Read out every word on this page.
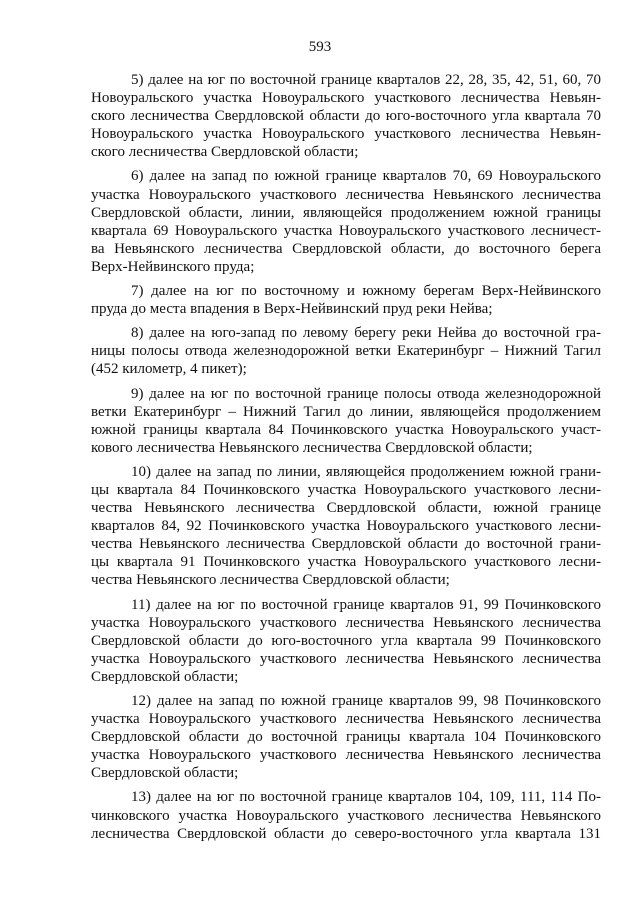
593
5) далее на юг по восточной границе кварталов 22, 28, 35, 42, 51, 60, 70
Новоуральского участка Новоуральского участкового лесничества Невьян-
ского лесничества Свердловской области до юго-восточного угла квартала 70
Новоуральского участка Новоуральского участкового лесничества Невьян-
ского лесничества Свердловской области;
6) далее на запад по южной границе кварталов 70, 69 Новоуральского
участка Новоуральского участкового лесничества Невьянского лесничества
Свердловской области, линии, являющейся продолжением южной границы
квартала 69 Новоуральского участка Новоуральского участкового лесничест-
ва Невьянского лесничества Свердловской области, до восточного берега
Верх-Нейвинского пруда;
7) далее на юг по восточному и южному берегам Верх-Нейвинского
пруда до места впадения в Верх-Нейвинский пруд реки Нейва;
8) далее на юго-запад по левому берегу реки Нейва до восточной гра-
ницы полосы отвода железнодорожной ветки Екатеринбург – Нижний Тагил
(452 километр, 4 пикет);
9) далее на юг по восточной границе полосы отвода железнодорожной
ветки Екатеринбург – Нижний Тагил до линии, являющейся продолжением
южной границы квартала 84 Починковского участка Новоуральского участ-
кового лесничества Невьянского лесничества Свердловской области;
10) далее на запад по линии, являющейся продолжением южной грани-
цы квартала 84 Починковского участка Новоуральского участкового лесни-
чества Невьянского лесничества Свердловской области, южной границе
кварталов 84, 92 Починковского участка Новоуральского участкового лесни-
чества Невьянского лесничества Свердловской области до восточной грани-
цы квартала 91 Починковского участка Новоуральского участкового лесни-
чества Невьянского лесничества Свердловской области;
11) далее на юг по восточной границе кварталов 91, 99 Починковского
участка Новоуральского участкового лесничества Невьянского лесничества
Свердловской области до юго-восточного угла квартала 99 Починковского
участка Новоуральского участкового лесничества Невьянского лесничества
Свердловской области;
12) далее на запад по южной границе кварталов 99, 98 Починковского
участка Новоуральского участкового лесничества Невьянского лесничества
Свердловской области до восточной границы квартала 104 Починковского
участка Новоуральского участкового лесничества Невьянского лесничества
Свердловской области;
13) далее на юг по восточной границе кварталов 104, 109, 111, 114 По-
чинковского участка Новоуральского участкового лесничества Невьянского
лесничества Свердловской области до северо-восточного угла квартала 131
